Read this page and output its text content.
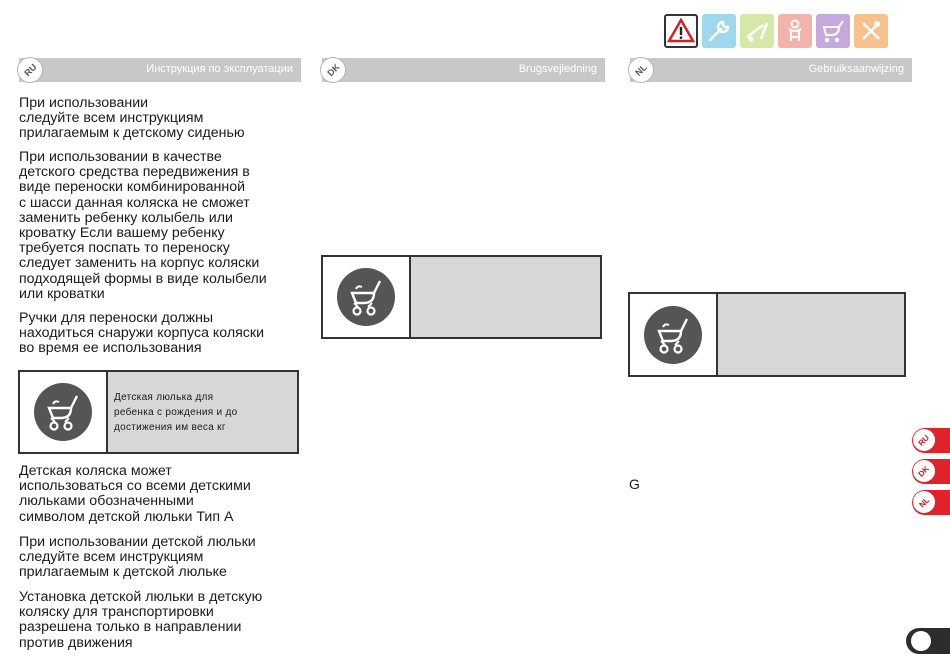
RU	Инструкция по эксплуатации	DK	Brugsvejledning	NL	Gebruiksaanwijzing

При использовании
следуйте всем инструкциям
прилагаемым к детскому сиденью

При использовании в качестве
детского средства передвижения в
виде переноски комбинированной
с шасси данная коляска не сможет
заменить ребенку колыбель или
кроватку Если вашему ребенку
требуется поспать то переноску
следует заменить на корпус коляски
подходящей формы в виде колыбели
или кроватки

Ручки для переноски должны
находиться снаружи корпуса коляски
во время ее использования

Детская люлька для
ребенка с рождения и до
достижения им веса кг

Детская коляска может
использоваться со всеми детскими
люльками обозначенными
символом детской люльки Тип А

При использовании детской люльки
следуйте всем инструкциям
прилагаемым к детской люльке

Установка детской люльки в детскую
коляску для транспортировки
разрешена только в направлении
против движения

G
RU
DK
NL
